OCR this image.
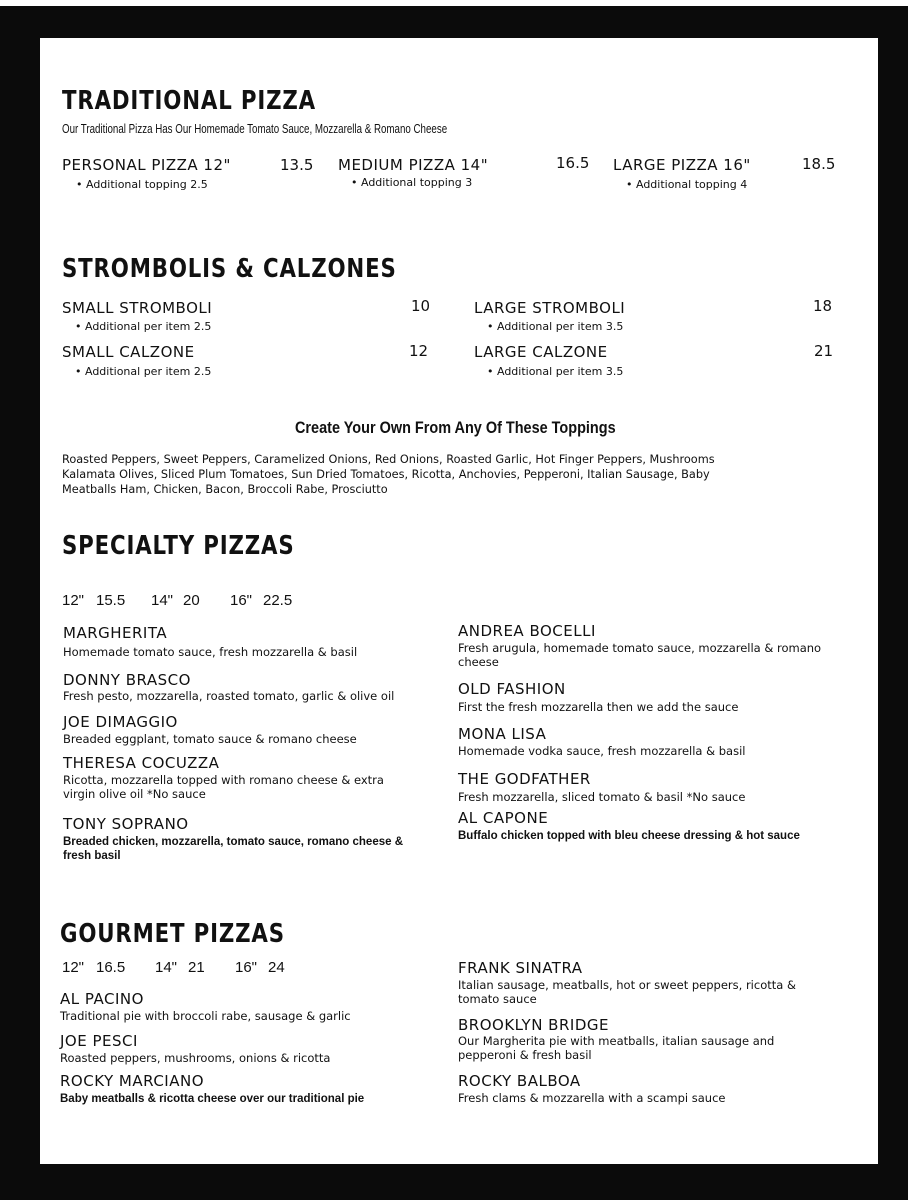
TRADITIONAL PIZZA
Our Traditional Pizza Has Our Homemade Tomato Sauce, Mozzarella & Romano Cheese
PERSONAL PIZZA 12"	13.5
• Additional topping 2.5
MEDIUM PIZZA 14"	16.5
• Additional topping 3
LARGE PIZZA 16"	18.5
• Additional topping 4
STROMBOLIS & CALZONES
SMALL STROMBOLI	10
• Additional per item 2.5
LARGE STROMBOLI	18
• Additional per item 3.5
SMALL CALZONE	12
• Additional per item 2.5
LARGE CALZONE	21
• Additional per item 3.5
Create Your Own From Any Of These Toppings
Roasted Peppers, Sweet Peppers, Caramelized Onions, Red Onions, Roasted Garlic, Hot Finger Peppers, Mushrooms
Kalamata Olives, Sliced Plum Tomatoes, Sun Dried Tomatoes, Ricotta, Anchovies, Pepperoni, Italian Sausage, Baby
Meatballs Ham, Chicken, Bacon, Broccoli Rabe, Prosciutto
SPECIALTY PIZZAS
12" 15.5 14" 20 16" 22.5
MARGHERITA
Homemade tomato sauce, fresh mozzarella & basil
DONNY BRASCO
Fresh pesto, mozzarella, roasted tomato, garlic & olive oil
JOE DIMAGGIO
Breaded eggplant, tomato sauce & romano cheese
THERESA COCUZZA
Ricotta, mozzarella topped with romano cheese & extra virgin olive oil *No sauce
TONY SOPRANO
Breaded chicken, mozzarella, tomato sauce, romano cheese & fresh basil
ANDREA BOCELLI
Fresh arugula, homemade tomato sauce, mozzarella & romano cheese
OLD FASHION
First the fresh mozzarella then we add the sauce
MONA LISA
Homemade vodka sauce, fresh mozzarella & basil
THE GODFATHER
Fresh mozzarella, sliced tomato & basil *No sauce
AL CAPONE
Buffalo chicken topped with bleu cheese dressing & hot sauce
GOURMET PIZZAS
12" 16.5 14" 21 16" 24
AL PACINO
Traditional pie with broccoli rabe, sausage & garlic
JOE PESCI
Roasted peppers, mushrooms, onions & ricotta
ROCKY MARCIANO
Baby meatballs & ricotta cheese over our traditional pie
FRANK SINATRA
Italian sausage, meatballs, hot or sweet peppers, ricotta & tomato sauce
BROOKLYN BRIDGE
Our Margherita pie with meatballs, italian sausage and pepperoni & fresh basil
ROCKY BALBOA
Fresh clams & mozzarella with a scampi sauce
